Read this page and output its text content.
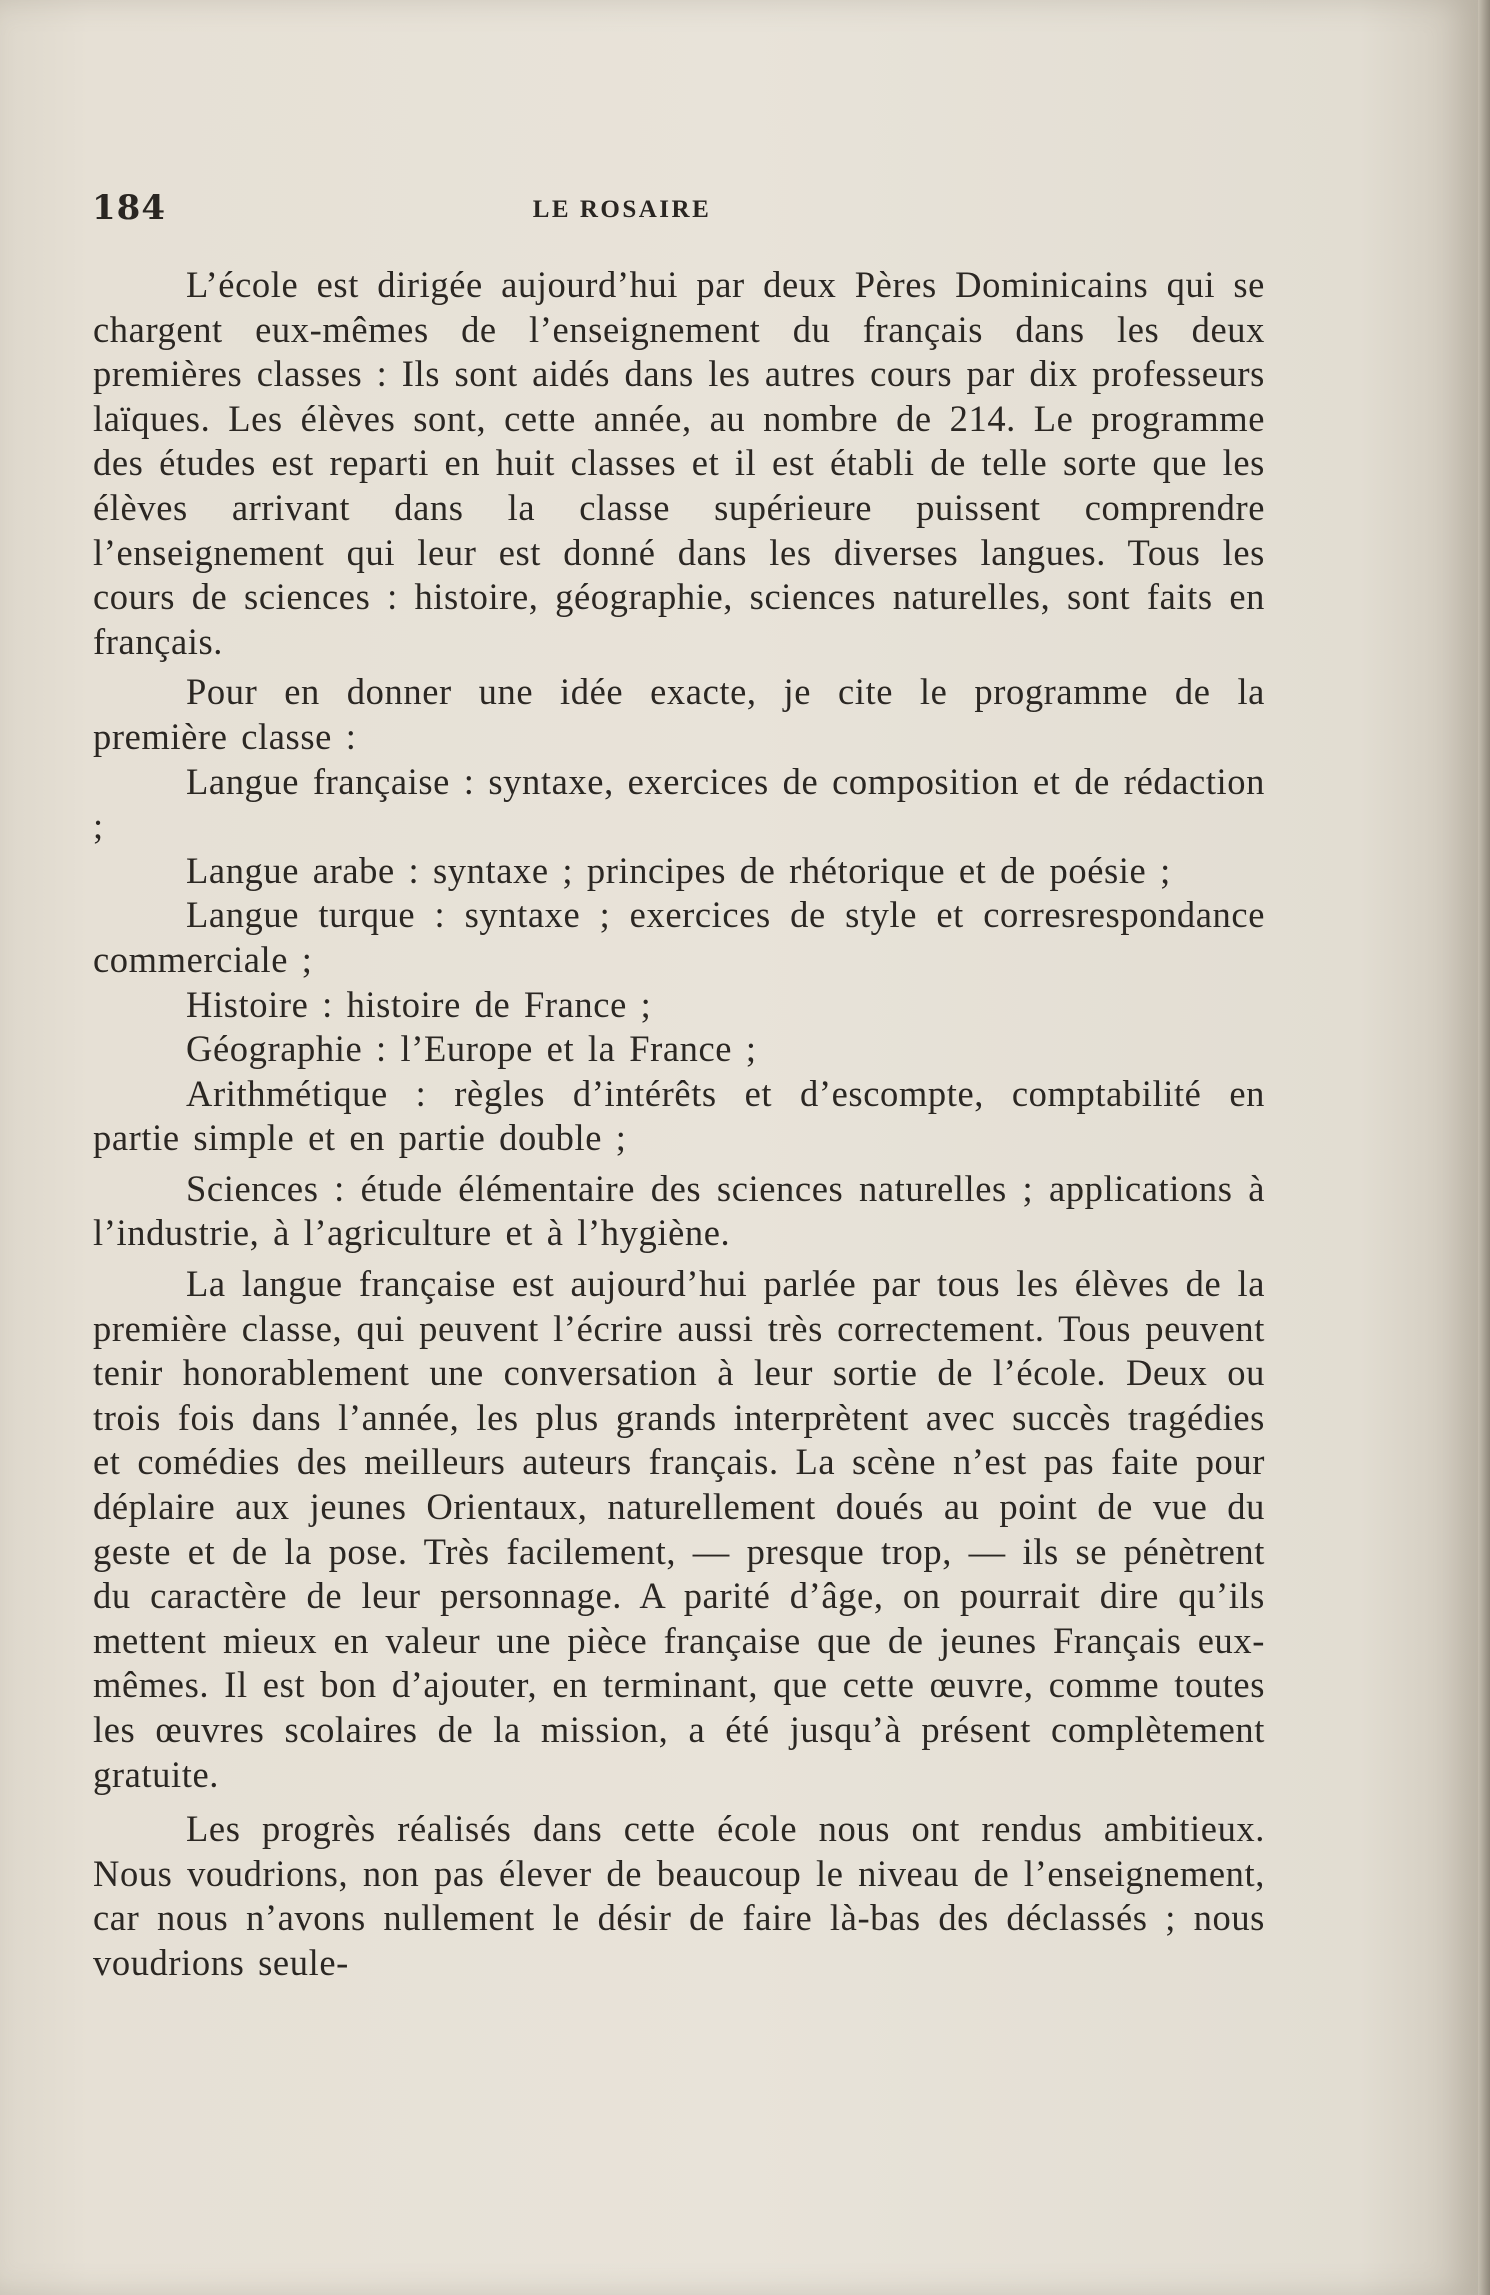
184	LE ROSAIRE

L’école est dirigée aujourd’hui par deux Pères Dominicains qui se chargent eux-mêmes de l’enseignement du français dans les deux premières classes : Ils sont aidés dans les autres cours par dix professeurs laïques. Les élèves sont, cette année, au nombre de 214. Le programme des études est reparti en huit classes et il est établi de telle sorte que les élèves arrivant dans la classe supérieure puissent comprendre l’enseignement qui leur est donné dans les diverses langues. Tous les cours de sciences : histoire, géographie, sciences naturelles, sont faits en français.

Pour en donner une idée exacte, je cite le programme de la première classe :

Langue française : syntaxe, exercices de composition et de rédaction ;

Langue arabe : syntaxe ; principes de rhétorique et de poésie ;

Langue turque : syntaxe ; exercices de style et corresrespondance commerciale ;

Histoire : histoire de France ;

Géographie : l’Europe et la France ;

Arithmétique : règles d’intérêts et d’escompte, comptabilité en partie simple et en partie double ;

Sciences : étude élémentaire des sciences naturelles ; applications à l’industrie, à l’agriculture et à l’hygiène.

La langue française est aujourd’hui parlée par tous les élèves de la première classe, qui peuvent l’écrire aussi très correctement. Tous peuvent tenir honorablement une conversation à leur sortie de l’école. Deux ou trois fois dans l’année, les plus grands interprètent avec succès tragédies et comédies des meilleurs auteurs français. La scène n’est pas faite pour déplaire aux jeunes Orientaux, naturellement doués au point de vue du geste et de la pose. Très facilement, — presque trop, — ils se pénètrent du caractère de leur personnage. A parité d’âge, on pourrait dire qu’ils mettent mieux en valeur une pièce française que de jeunes Français eux-mêmes. Il est bon d’ajouter, en terminant, que cette œuvre, comme toutes les œuvres scolaires de la mission, a été jusqu’à présent complètement gratuite.

Les progrès réalisés dans cette école nous ont rendus ambitieux. Nous voudrions, non pas élever de beaucoup le niveau de l’enseignement, car nous n’avons nullement le désir de faire là-bas des déclassés ; nous voudrions seule-
